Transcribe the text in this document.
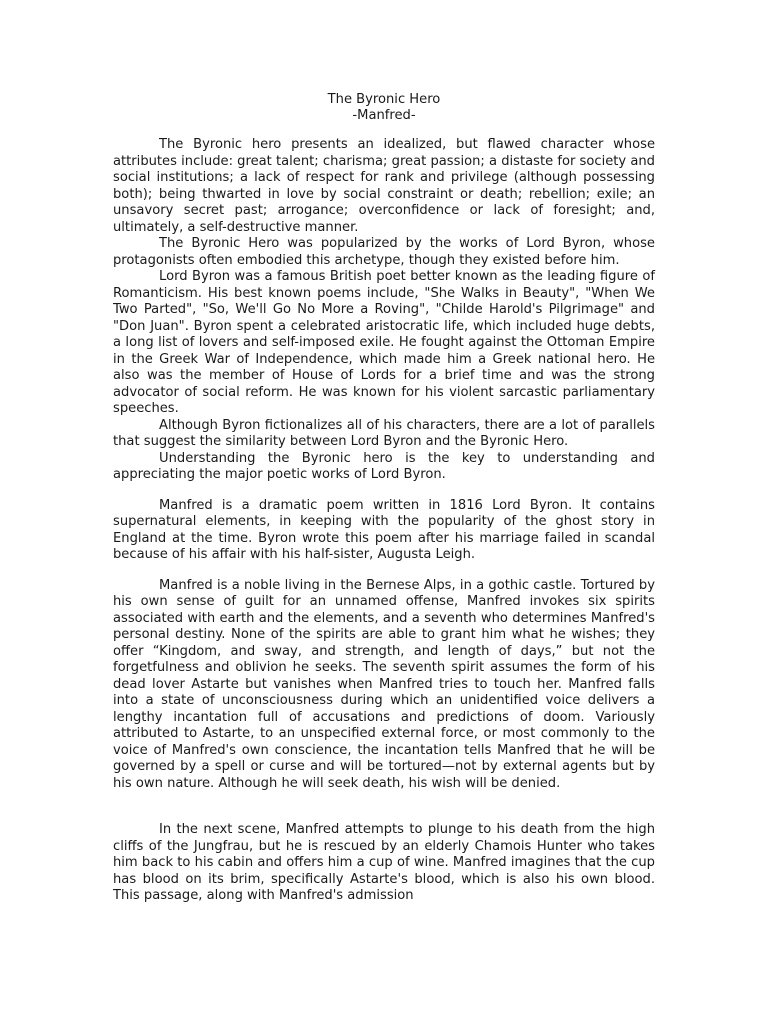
The Byronic Hero
-Manfred-

The Byronic hero presents an idealized, but flawed character whose attributes include: great talent; charisma; great passion; a distaste for society and social institutions; a lack of respect for rank and privilege (although possessing both); being thwarted in love by social constraint or death; rebellion; exile; an unsavory secret past; arrogance; overconfidence or lack of foresight; and, ultimately, a self-destructive manner.

The Byronic Hero was popularized by the works of Lord Byron, whose protagonists often embodied this archetype, though they existed before him.

Lord Byron was a famous British poet better known as the leading figure of Romanticism. His best known poems include, "She Walks in Beauty", "When We Two Parted", "So, We'll Go No More a Roving", "Childe Harold's Pilgrimage" and "Don Juan". Byron spent a celebrated aristocratic life, which included huge debts, a long list of lovers and self-imposed exile. He fought against the Ottoman Empire in the Greek War of Independence, which made him a Greek national hero. He also was the member of House of Lords for a brief time and was the strong advocator of social reform. He was known for his violent sarcastic parliamentary speeches.

Although Byron fictionalizes all of his characters, there are a lot of parallels that suggest the similarity between Lord Byron and the Byronic Hero.

Understanding the Byronic hero is the key to understanding and appreciating the major poetic works of Lord Byron.

Manfred is a dramatic poem written in 1816 Lord Byron. It contains supernatural elements, in keeping with the popularity of the ghost story in England at the time. Byron wrote this poem after his marriage failed in scandal because of his affair with his half-sister, Augusta Leigh.

Manfred is a noble living in the Bernese Alps, in a gothic castle. Tortured by his own sense of guilt for an unnamed offense, Manfred invokes six spirits associated with earth and the elements, and a seventh who determines Manfred's personal destiny. None of the spirits are able to grant him what he wishes; they offer “Kingdom, and sway, and strength, and length of days,” but not the forgetfulness and oblivion he seeks. The seventh spirit assumes the form of his dead lover Astarte but vanishes when Manfred tries to touch her. Manfred falls into a state of unconsciousness during which an unidentified voice delivers a lengthy incantation full of accusations and predictions of doom. Variously attributed to Astarte, to an unspecified external force, or most commonly to the voice of Manfred's own conscience, the incantation tells Manfred that he will be governed by a spell or curse and will be tortured—not by external agents but by his own nature. Although he will seek death, his wish will be denied.

In the next scene, Manfred attempts to plunge to his death from the high cliffs of the Jungfrau, but he is rescued by an elderly Chamois Hunter who takes him back to his cabin and offers him a cup of wine. Manfred imagines that the cup has blood on its brim, specifically Astarte's blood, which is also his own blood. This passage, along with Manfred's admission
